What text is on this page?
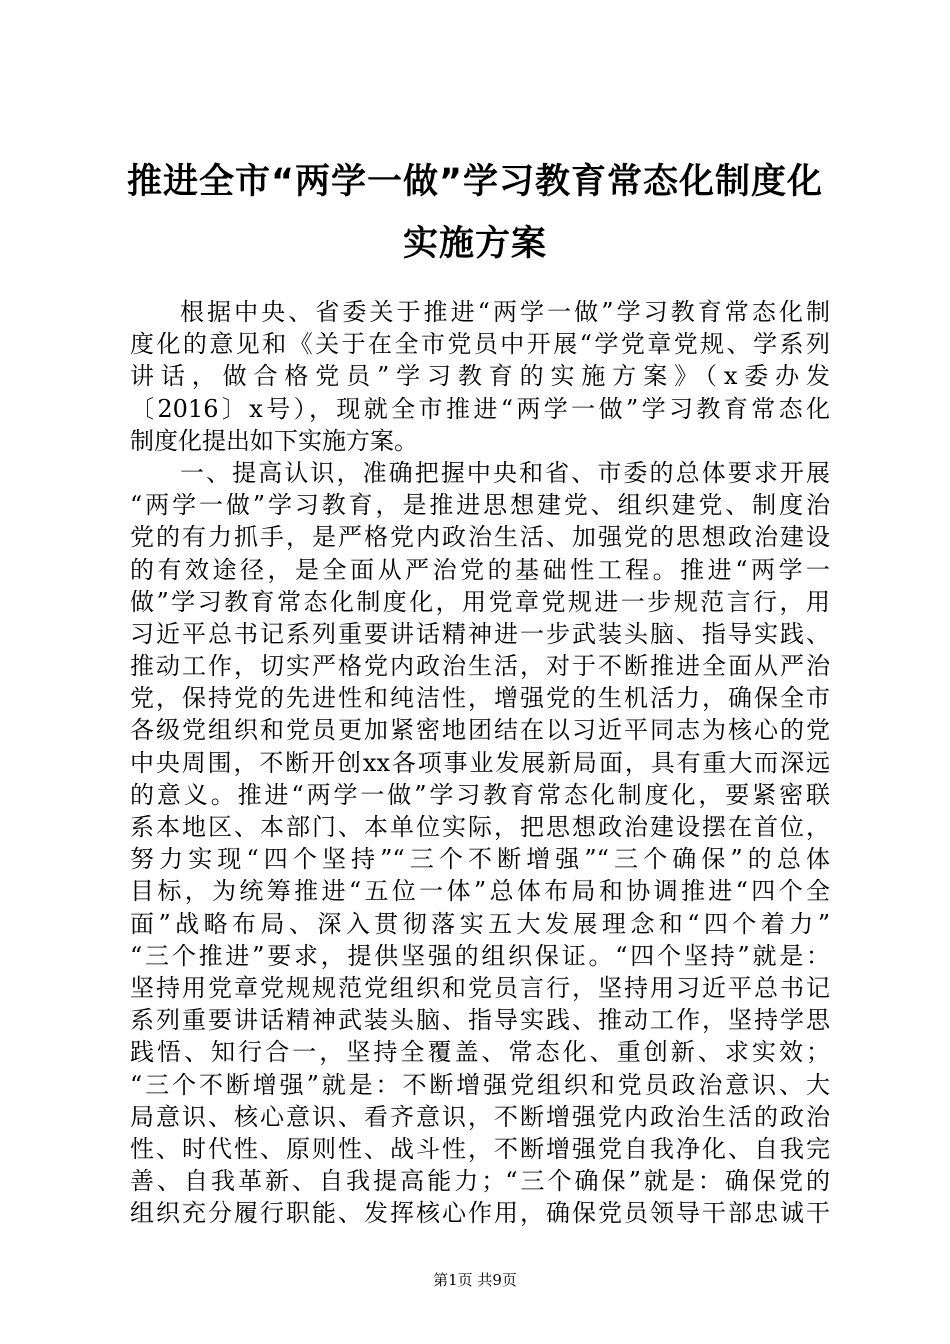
推进全市“两学一做”学习教育常态化制度化
实施方案
根据中央、省委关于推进“两学一做”学习教育常态化制
度化的意见和《关于在全市党员中开展“学党章党规、学系列
讲话，做合格党员”学习教育的实施方案》（x委办发
〔2016〕x号），现就全市推进“两学一做”学习教育常态化
制度化提出如下实施方案。
一、提高认识，准确把握中央和省、市委的总体要求开展
“两学一做”学习教育，是推进思想建党、组织建党、制度治
党的有力抓手，是严格党内政治生活、加强党的思想政治建设
的有效途径，是全面从严治党的基础性工程。推进“两学一
做”学习教育常态化制度化，用党章党规进一步规范言行，用
习近平总书记系列重要讲话精神进一步武装头脑、指导实践、
推动工作，切实严格党内政治生活，对于不断推进全面从严治
党，保持党的先进性和纯洁性，增强党的生机活力，确保全市
各级党组织和党员更加紧密地团结在以习近平同志为核心的党
中央周围，不断开创xx各项事业发展新局面，具有重大而深远
的意义。推进“两学一做”学习教育常态化制度化，要紧密联
系本地区、本部门、本单位实际，把思想政治建设摆在首位，
努力实现“四个坚持”“三个不断增强”“三个确保”的总体
目标，为统筹推进“五位一体”总体布局和协调推进“四个全
面”战略布局、深入贯彻落实五大发展理念和“四个着力”
“三个推进”要求，提供坚强的组织保证。“四个坚持”就是：
坚持用党章党规规范党组织和党员言行，坚持用习近平总书记
系列重要讲话精神武装头脑、指导实践、推动工作，坚持学思
践悟、知行合一，坚持全覆盖、常态化、重创新、求实效；
“三个不断增强”就是：不断增强党组织和党员政治意识、大
局意识、核心意识、看齐意识，不断增强党内政治生活的政治
性、时代性、原则性、战斗性，不断增强党自我净化、自我完
善、自我革新、自我提高能力；“三个确保”就是：确保党的
组织充分履行职能、发挥核心作用，确保党员领导干部忠诚干
第1页 共9页
